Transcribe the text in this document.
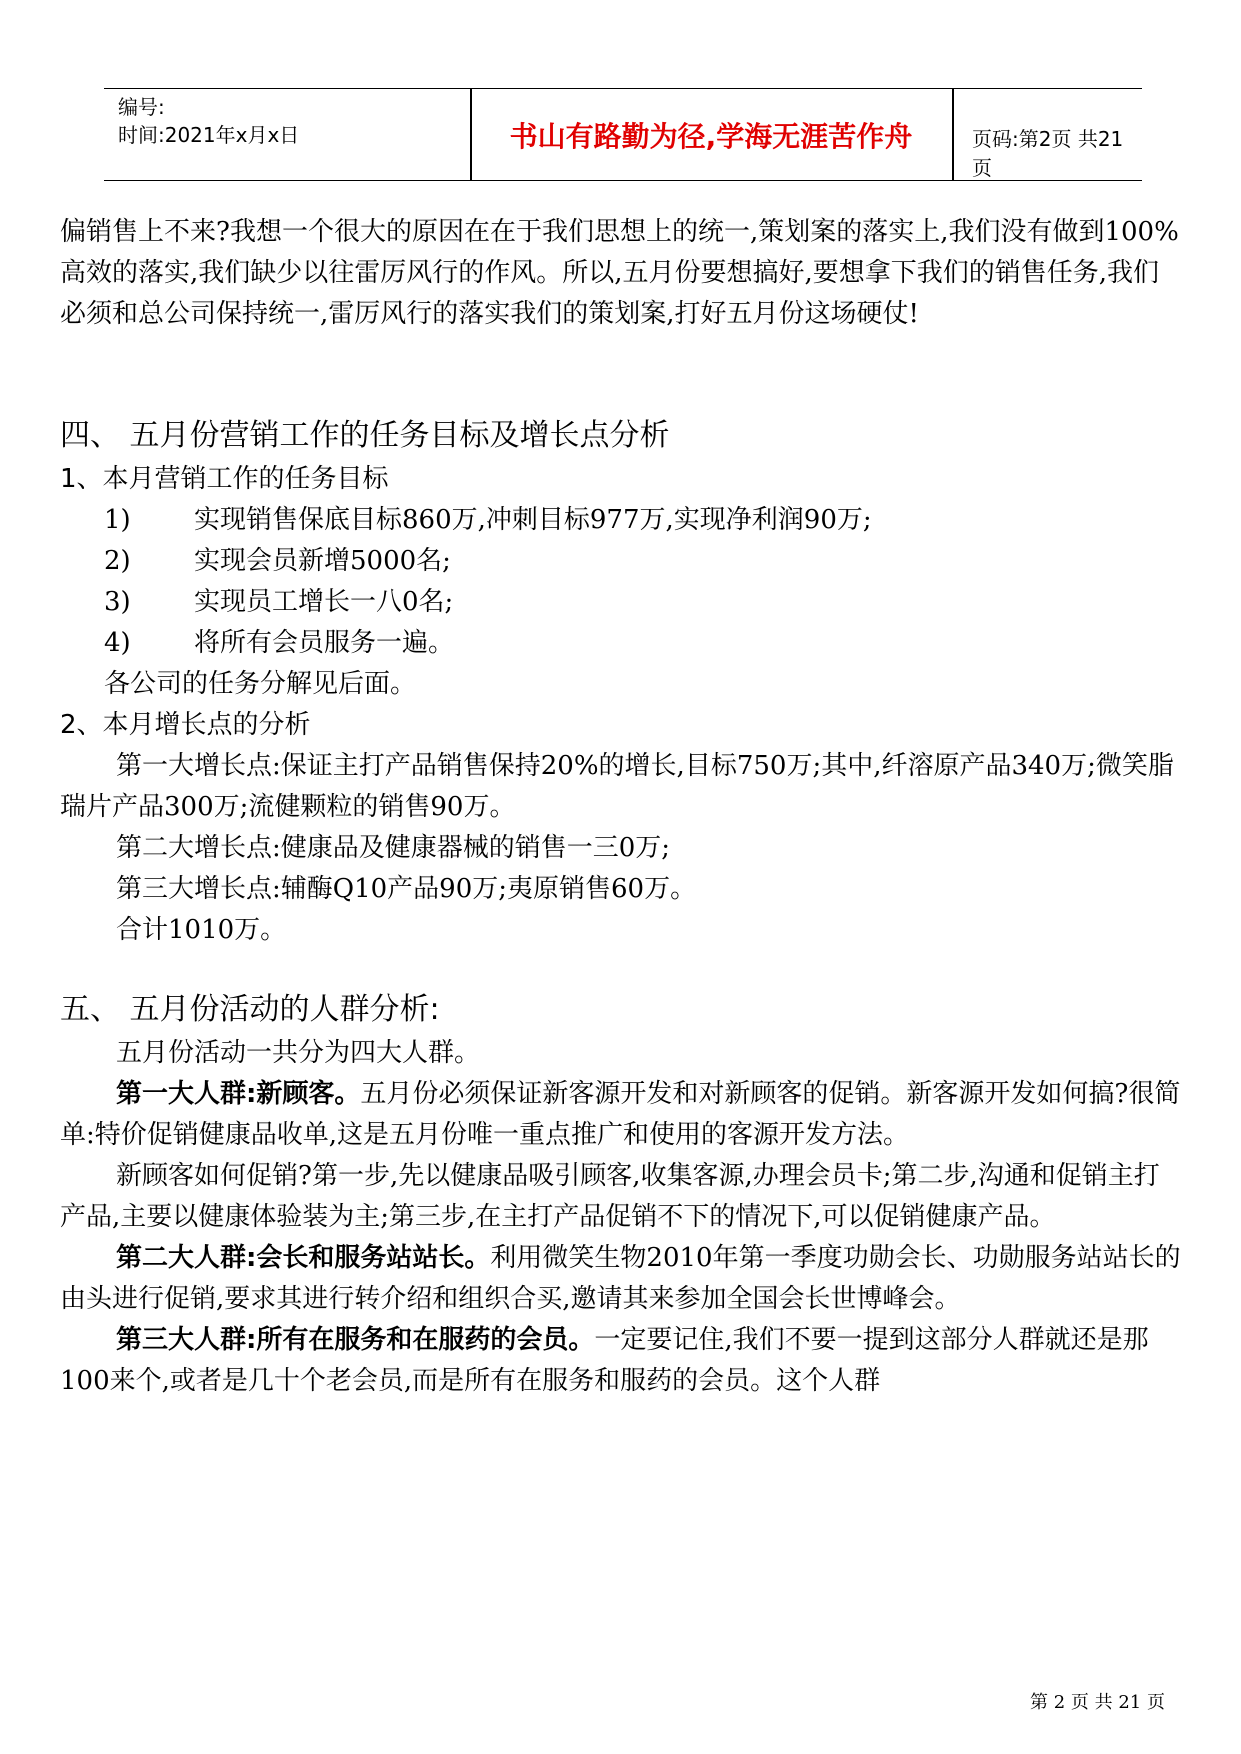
编号:
时间:2021年x月x日	书山有路勤为径,学海无涯苦作舟	页码:第2页 共21页

偏销售上不来?我想一个很大的原因在在于我们思想上的统一,策划案的落实上,我们没有做到100%高效的落实,我们缺少以往雷厉风行的作风。所以,五月份要想搞好,要想拿下我们的销售任务,我们必须和总公司保持统一,雷厉风行的落实我们的策划案,打好五月份这场硬仗!

四、 五月份营销工作的任务目标及增长点分析

1、本月营销工作的任务目标

1)	实现销售保底目标860万,冲刺目标977万,实现净利润90万;
2)	实现会员新增5000名;
3)	实现员工增长一八0名;
4)	将所有会员服务一遍。

各公司的任务分解见后面。

2、本月增长点的分析

第一大增长点:保证主打产品销售保持20%的增长,目标750万;其中,纤溶原产品340万;微笑脂瑞片产品300万;流健颗粒的销售90万。

第二大增长点:健康品及健康器械的销售一三0万;

第三大增长点:辅酶Q10产品90万;夷原销售60万。

合计1010万。

五、 五月份活动的人群分析:

五月份活动一共分为四大人群。

第一大人群:新顾客。五月份必须保证新客源开发和对新顾客的促销。新客源开发如何搞?很简单:特价促销健康品收单,这是五月份唯一重点推广和使用的客源开发方法。

新顾客如何促销?第一步,先以健康品吸引顾客,收集客源,办理会员卡;第二步,沟通和促销主打产品,主要以健康体验装为主;第三步,在主打产品促销不下的情况下,可以促销健康产品。

第二大人群:会长和服务站站长。利用微笑生物2010年第一季度功勋会长、功勋服务站站长的由头进行促销,要求其进行转介绍和组织合买,邀请其来参加全国会长世博峰会。

第三大人群:所有在服务和在服药的会员。一定要记住,我们不要一提到这部分人群就还是那100来个,或者是几十个老会员,而是所有在服务和服药的会员。这个人群

第 2 页 共 21 页
